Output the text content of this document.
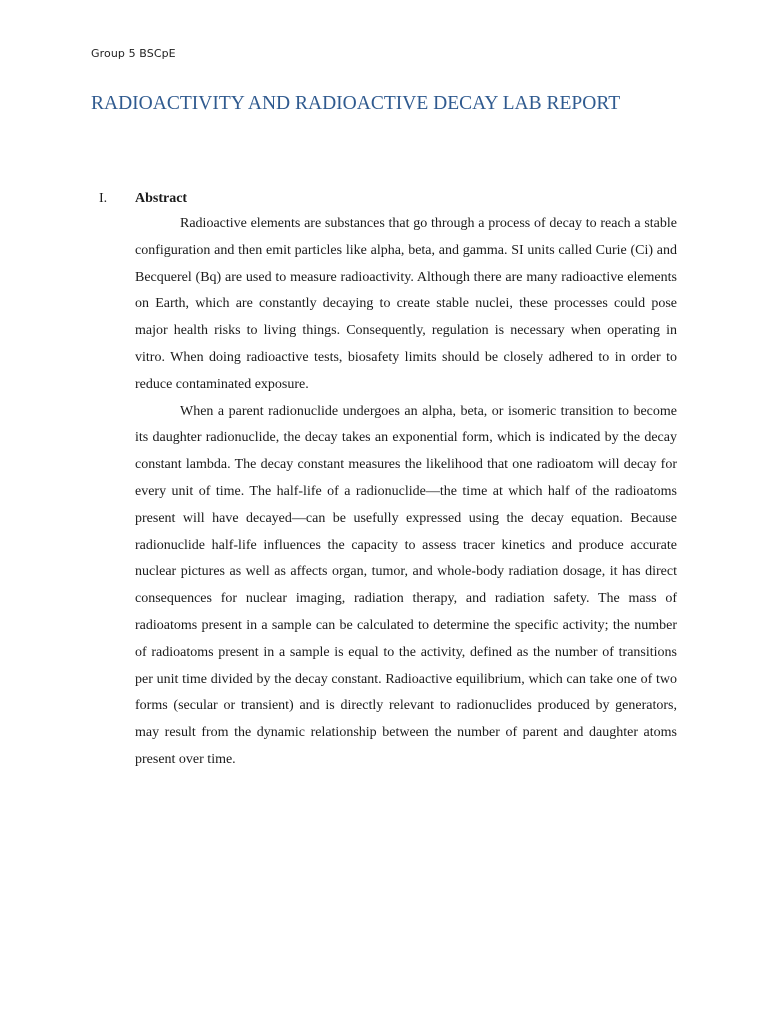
Group 5 BSCpE
RADIOACTIVITY AND RADIOACTIVE DECAY LAB REPORT
I. Abstract

Radioactive elements are substances that go through a process of decay to reach a stable configuration and then emit particles like alpha, beta, and gamma. SI units called Curie (Ci) and Becquerel (Bq) are used to measure radioactivity. Although there are many radioactive elements on Earth, which are constantly decaying to create stable nuclei, these processes could pose major health risks to living things. Consequently, regulation is necessary when operating in vitro. When doing radioactive tests, biosafety limits should be closely adhered to in order to reduce contaminated exposure.

When a parent radionuclide undergoes an alpha, beta, or isomeric transition to become its daughter radionuclide, the decay takes an exponential form, which is indicated by the decay constant lambda. The decay constant measures the likelihood that one radioatom will decay for every unit of time. The half-life of a radionuclide—the time at which half of the radioatoms present will have decayed—can be usefully expressed using the decay equation. Because radionuclide half-life influences the capacity to assess tracer kinetics and produce accurate nuclear pictures as well as affects organ, tumor, and whole-body radiation dosage, it has direct consequences for nuclear imaging, radiation therapy, and radiation safety. The mass of radioatoms present in a sample can be calculated to determine the specific activity; the number of radioatoms present in a sample is equal to the activity, defined as the number of transitions per unit time divided by the decay constant. Radioactive equilibrium, which can take one of two forms (secular or transient) and is directly relevant to radionuclides produced by generators, may result from the dynamic relationship between the number of parent and daughter atoms present over time.
